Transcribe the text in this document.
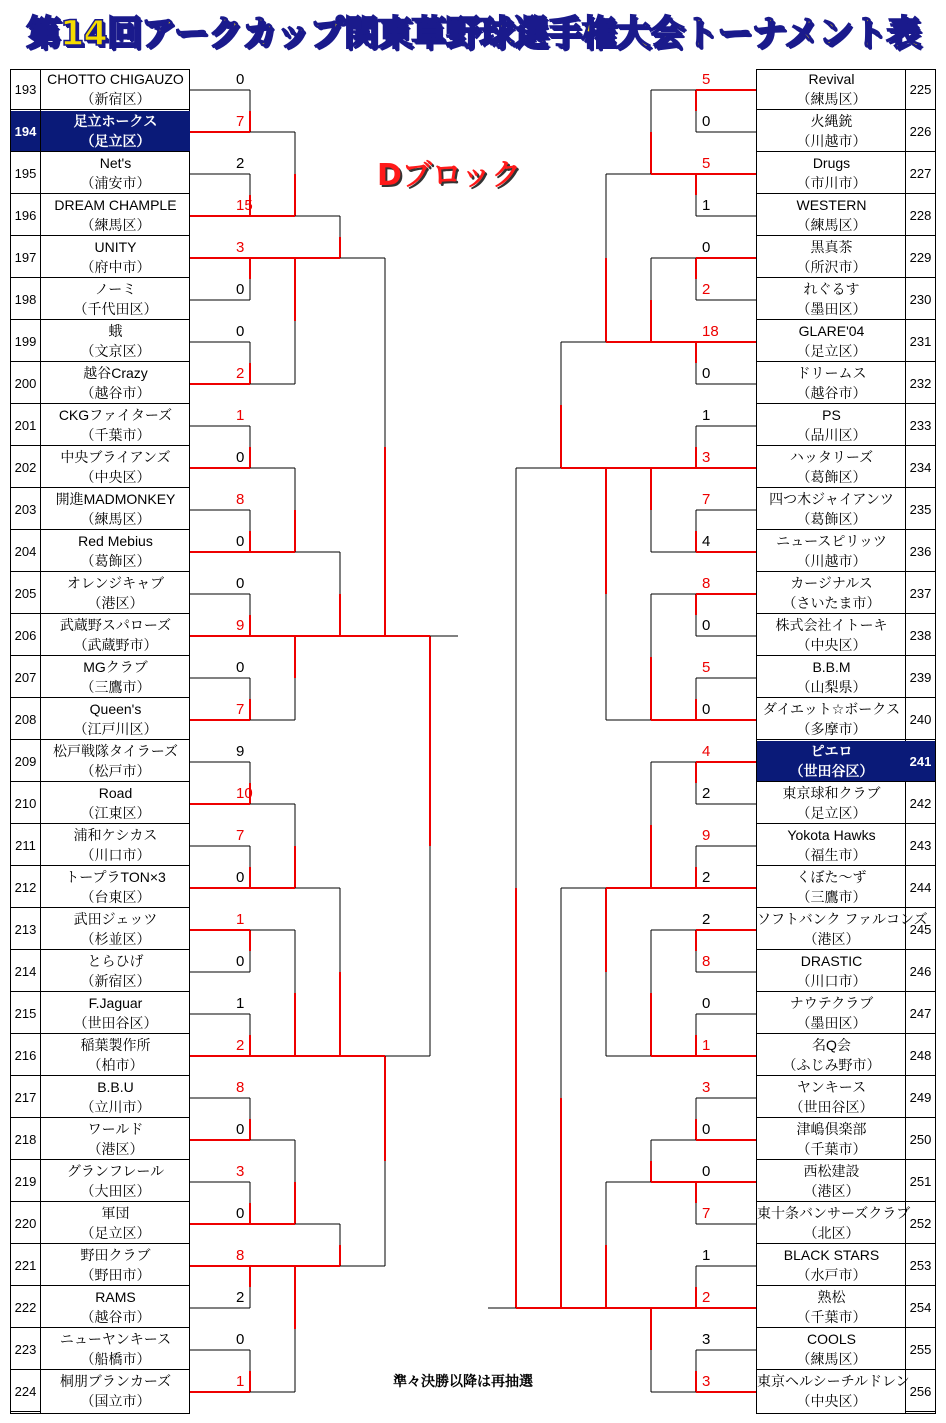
第14回アークカップ関東草野球選手権大会トーナメント表
Dブロック
準々決勝以降は再抽選
193
CHOTTO CHIGAUZO
（新宿区）
194
足立ホークス
（足立区）
195
Net's
（浦安市）
196
DREAM CHAMPLE
（練馬区）
197
UNITY
（府中市）
198
ノーミ
（千代田区）
199
蛾
（文京区）
200
越谷Crazy
（越谷市）
201
CKGファイターズ
（千葉市）
202
中央ブライアンズ
（中央区）
203
開進MADMONKEY
（練馬区）
204
Red Mebius
（葛飾区）
205
オレンジキャブ
（港区）
206
武蔵野スパローズ
（武蔵野市）
207
MGクラブ
（三鷹市）
208
Queen's
（江戸川区）
209
松戸戦隊タイラーズ
（松戸市）
210
Road
（江東区）
211
浦和ケシカス
（川口市）
212
トープラTON×3
（台東区）
213
武田ジェッツ
（杉並区）
214
とらひげ
（新宿区）
215
F.Jaguar
（世田谷区）
216
稲葉製作所
（柏市）
217
B.B.U
（立川市）
218
ワールド
（港区）
219
グランフレール
（大田区）
220
軍団
（足立区）
221
野田クラブ
（野田市）
222
RAMS
（越谷市）
223
ニューヤンキース
（船橋市）
224
桐朋ブランカーズ
（国立市）
225
Revival
（練馬区）
226
火縄銃
（川越市）
227
Drugs
（市川市）
228
WESTERN
（練馬区）
229
黒真茶
（所沢市）
230
れぐるす
（墨田区）
231
GLARE'04
（足立区）
232
ドリームス
（越谷市）
233
PS
（品川区）
234
ハッタリーズ
（葛飾区）
235
四つ木ジャイアンツ
（葛飾区）
236
ニュースピリッツ
（川越市）
237
カージナルス
（さいたま市）
238
株式会社イトーキ
（中央区）
239
B.B.M
（山梨県）
240
ダイエット☆ボークス
（多摩市）
241
ピエロ
（世田谷区）
242
東京球和クラブ
（足立区）
243
Yokota Hawks
（福生市）
244
くぼた～ず
（三鷹市）
245
ソフトバンク ファルコンズ
（港区）
246
DRASTIC
（川口市）
247
ナウテクラブ
（墨田区）
248
名Q会
（ふじみ野市）
249
ヤンキース
（世田谷区）
250
津嶋倶楽部
（千葉市）
251
西松建設
（港区）
252
東十条バンサーズクラブ
（北区）
253
BLACK STARS
（水戸市）
254
熟松
（千葉市）
255
COOLS
（練馬区）
256
東京ヘルシーチルドレン
（中央区）
0
7
2
15
3
0
0
2
1
0
8
0
0
9
0
7
9
10
7
0
1
0
1
2
8
0
3
0
8
2
0
1
5
0
5
1
0
2
18
0
1
3
7
4
8
0
5
0
4
2
9
2
2
8
0
1
3
0
0
7
1
2
3
3
